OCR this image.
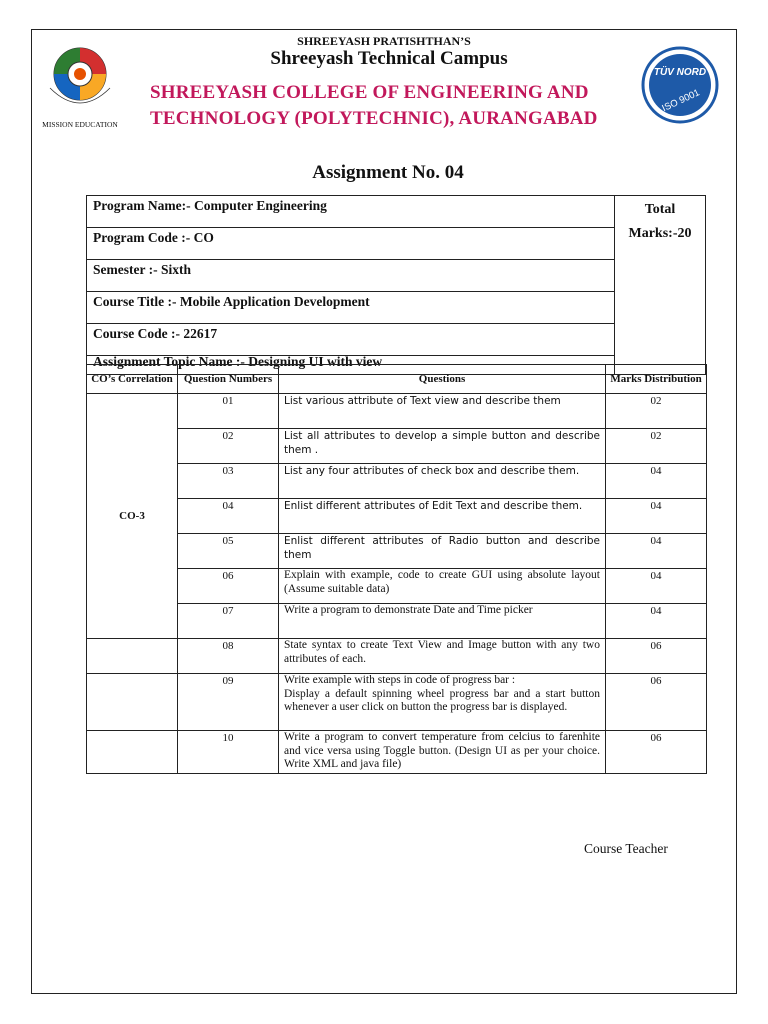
MISSION EDUCATION
TÜV NORD
ISO 9001
SHREEYASH PRATISHTHAN’S
Shreeyash Technical Campus
SHREEYASH COLLEGE OF ENGINEERING AND
TECHNOLOGY (POLYTECHNIC), AURANGABAD
Assignment No. 04
Program Name:- Computer Engineering	Total
Marks:-20
Program Code :- CO
Semester :- Sixth
Course Title :- Mobile Application Development
Course Code :- 22617
Assignment Topic Name :- Designing UI with view
CO’s Correlation	Question Numbers	Questions	Marks Distribution
CO-3	01	List various attribute of Text view and describe them	02
	02	List all attributes to develop a simple button and describe them .	02
	03	List any four attributes of check box and describe them.	04
	04	Enlist different attributes of Edit Text and describe them.	04
	05	Enlist different attributes of Radio button and describe them	04
	06	Explain with example, code to create GUI using absolute layout (Assume suitable data)	04
	07	Write a program to demonstrate Date and Time picker	04
	08	State syntax to create Text View and Image button with any two attributes of each.	06
	09	Write example with steps in code of progress bar :
Display a default spinning wheel progress bar and a start button whenever a user click on button the progress bar is displayed.	06
	10	Write a program to convert temperature from celcius to farenhite and vice versa using Toggle button. (Design UI as per your choice. Write XML and java file)	06
Course Teacher
